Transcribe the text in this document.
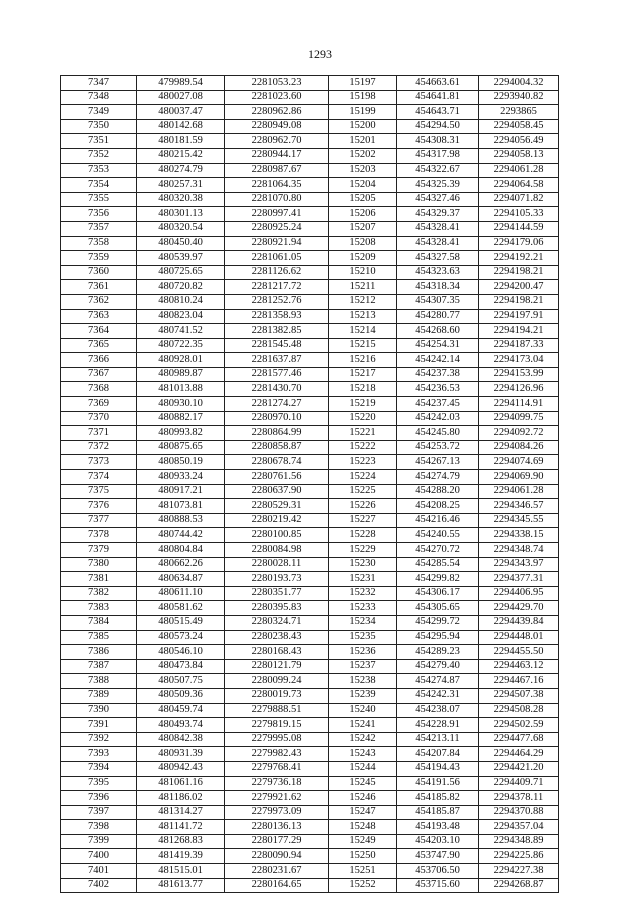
1293
7347	479989.54	2281053.23	15197	454663.61	2294004.32
7348	480027.08	2281023.60	15198	454641.81	2293940.82
7349	480037.47	2280962.86	15199	454643.71	2293865
7350	480142.68	2280949.08	15200	454294.50	2294058.45
7351	480181.59	2280962.70	15201	454308.31	2294056.49
7352	480215.42	2280944.17	15202	454317.98	2294058.13
7353	480274.79	2280987.67	15203	454322.67	2294061.28
7354	480257.31	2281064.35	15204	454325.39	2294064.58
7355	480320.38	2281070.80	15205	454327.46	2294071.82
7356	480301.13	2280997.41	15206	454329.37	2294105.33
7357	480320.54	2280925.24	15207	454328.41	2294144.59
7358	480450.40	2280921.94	15208	454328.41	2294179.06
7359	480539.97	2281061.05	15209	454327.58	2294192.21
7360	480725.65	2281126.62	15210	454323.63	2294198.21
7361	480720.82	2281217.72	15211	454318.34	2294200.47
7362	480810.24	2281252.76	15212	454307.35	2294198.21
7363	480823.04	2281358.93	15213	454280.77	2294197.91
7364	480741.52	2281382.85	15214	454268.60	2294194.21
7365	480722.35	2281545.48	15215	454254.31	2294187.33
7366	480928.01	2281637.87	15216	454242.14	2294173.04
7367	480989.87	2281577.46	15217	454237.38	2294153.99
7368	481013.88	2281430.70	15218	454236.53	2294126.96
7369	480930.10	2281274.27	15219	454237.45	2294114.91
7370	480882.17	2280970.10	15220	454242.03	2294099.75
7371	480993.82	2280864.99	15221	454245.80	2294092.72
7372	480875.65	2280858.87	15222	454253.72	2294084.26
7373	480850.19	2280678.74	15223	454267.13	2294074.69
7374	480933.24	2280761.56	15224	454274.79	2294069.90
7375	480917.21	2280637.90	15225	454288.20	2294061.28
7376	481073.81	2280529.31	15226	454208.25	2294346.57
7377	480888.53	2280219.42	15227	454216.46	2294345.55
7378	480744.42	2280100.85	15228	454240.55	2294338.15
7379	480804.84	2280084.98	15229	454270.72	2294348.74
7380	480662.26	2280028.11	15230	454285.54	2294343.97
7381	480634.87	2280193.73	15231	454299.82	2294377.31
7382	480611.10	2280351.77	15232	454306.17	2294406.95
7383	480581.62	2280395.83	15233	454305.65	2294429.70
7384	480515.49	2280324.71	15234	454299.72	2294439.84
7385	480573.24	2280238.43	15235	454295.94	2294448.01
7386	480546.10	2280168.43	15236	454289.23	2294455.50
7387	480473.84	2280121.79	15237	454279.40	2294463.12
7388	480507.75	2280099.24	15238	454274.87	2294467.16
7389	480509.36	2280019.73	15239	454242.31	2294507.38
7390	480459.74	2279888.51	15240	454238.07	2294508.28
7391	480493.74	2279819.15	15241	454228.91	2294502.59
7392	480842.38	2279995.08	15242	454213.11	2294477.68
7393	480931.39	2279982.43	15243	454207.84	2294464.29
7394	480942.43	2279768.41	15244	454194.43	2294421.20
7395	481061.16	2279736.18	15245	454191.56	2294409.71
7396	481186.02	2279921.62	15246	454185.82	2294378.11
7397	481314.27	2279973.09	15247	454185.87	2294370.88
7398	481141.72	2280136.13	15248	454193.48	2294357.04
7399	481268.83	2280177.29	15249	454203.10	2294348.89
7400	481419.39	2280090.94	15250	453747.90	2294225.86
7401	481515.01	2280231.67	15251	453706.50	2294227.38
7402	481613.77	2280164.65	15252	453715.60	2294268.87
